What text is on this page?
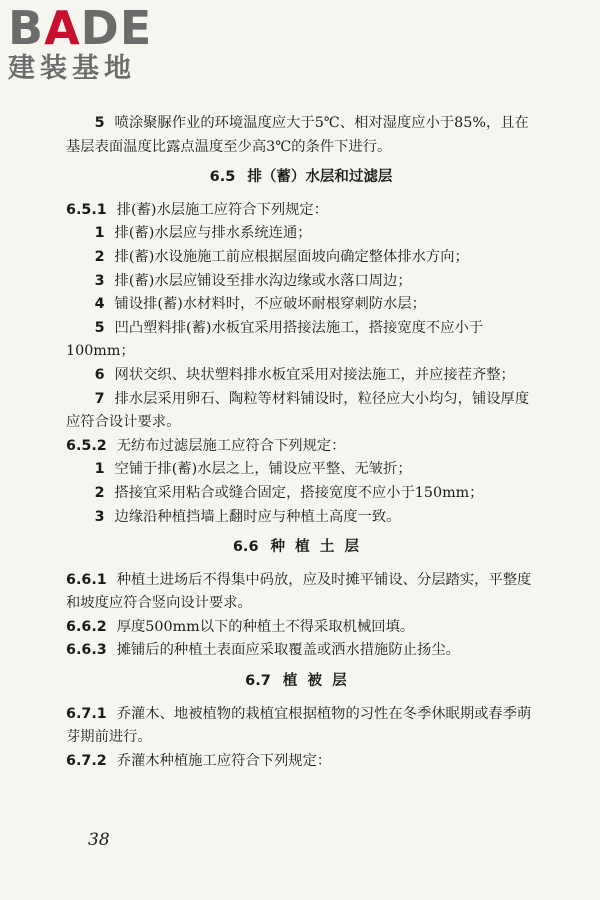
BADE
建装基地

5 喷涂聚脲作业的环境温度应大于5℃、相对湿度应小于85%，且在基层表面温度比露点温度至少高3℃的条件下进行。

6.5 排（蓄）水层和过滤层

6.5.1 排(蓄)水层施工应符合下列规定：

1 排(蓄)水层应与排水系统连通；

2 排(蓄)水设施施工前应根据屋面坡向确定整体排水方向；

3 排(蓄)水层应铺设至排水沟边缘或水落口周边；

4 铺设排(蓄)水材料时，不应破坏耐根穿刺防水层；

5 凹凸塑料排(蓄)水板宜采用搭接法施工，搭接宽度不应小于100mm；

6 网状交织、块状塑料排水板宜采用对接法施工，并应接茬齐整；

7 排水层采用卵石、陶粒等材料铺设时，粒径应大小均匀，铺设厚度应符合设计要求。

6.5.2 无纺布过滤层施工应符合下列规定：

1 空铺于排(蓄)水层之上，铺设应平整、无皱折；

2 搭接宜采用粘合或缝合固定，搭接宽度不应小于150mm；

3 边缘沿种植挡墙上翻时应与种植土高度一致。

6.6 种植土层

6.6.1 种植土进场后不得集中码放，应及时摊平铺设、分层踏实，平整度和坡度应符合竖向设计要求。

6.6.2 厚度500mm以下的种植土不得采取机械回填。

6.6.3 摊铺后的种植土表面应采取覆盖或洒水措施防止扬尘。

6.7 植被层

6.7.1 乔灌木、地被植物的栽植宜根据植物的习性在冬季休眠期或春季萌芽期前进行。

6.7.2 乔灌木种植施工应符合下列规定：

38
